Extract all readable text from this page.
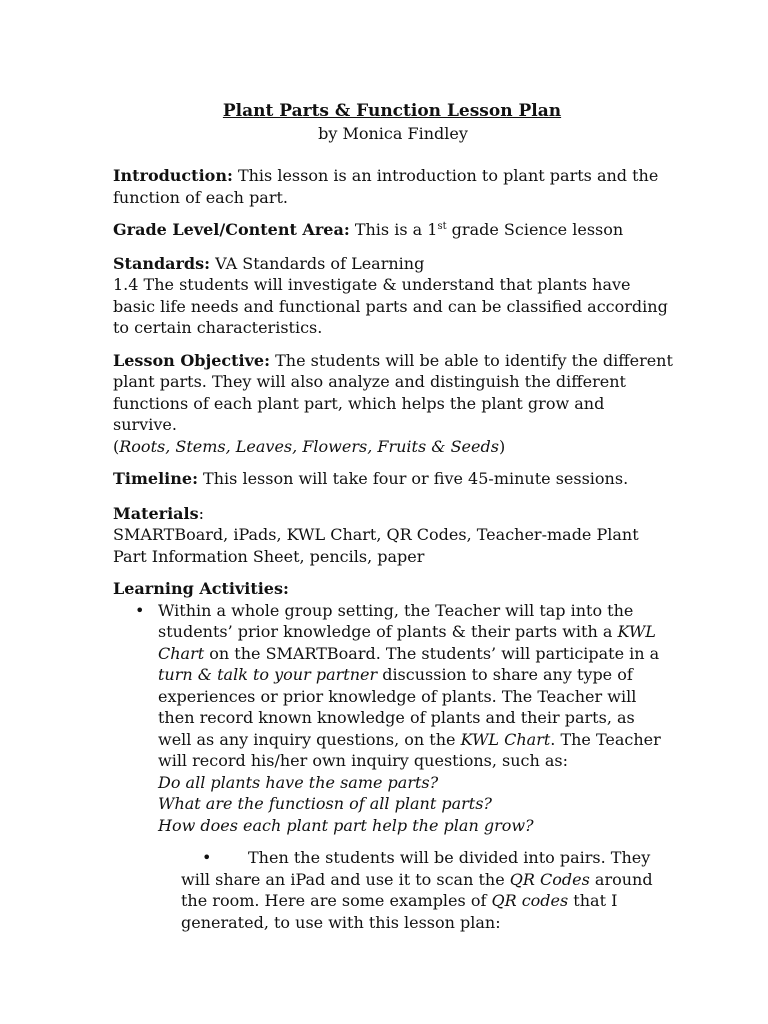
Plant Parts & Function Lesson Plan
by Monica Findley

Introduction: This lesson is an introduction to plant parts and the function of each part.

Grade Level/Content Area: This is a 1st grade Science lesson

Standards: VA Standards of Learning
1.4 The students will investigate & understand that plants have basic life needs and functional parts and can be classified according to certain characteristics.

Lesson Objective: The students will be able to identify the different plant parts. They will also analyze and distinguish the different functions of each plant part, which helps the plant grow and survive.
(Roots, Stems, Leaves, Flowers, Fruits & Seeds)

Timeline: This lesson will take four or five 45-minute sessions.

Materials:
SMARTBoard, iPads, KWL Chart, QR Codes, Teacher-made Plant Part Information Sheet, pencils, paper

Learning Activities:
• Within a whole group setting, the Teacher will tap into the students’ prior knowledge of plants & their parts with a KWL Chart on the SMARTBoard. The students’ will participate in a turn & talk to your partner discussion to share any type of experiences or prior knowledge of plants. The Teacher will then record known knowledge of plants and their parts, as well as any inquiry questions, on the KWL Chart. The Teacher will record his/her own inquiry questions, such as:
Do all plants have the same parts?
What are the functiosn of all plant parts?
How does each plant part help the plan grow?
• Then the students will be divided into pairs. They will share an iPad and use it to scan the QR Codes around the room. Here are some examples of QR codes that I generated, to use with this lesson plan:
